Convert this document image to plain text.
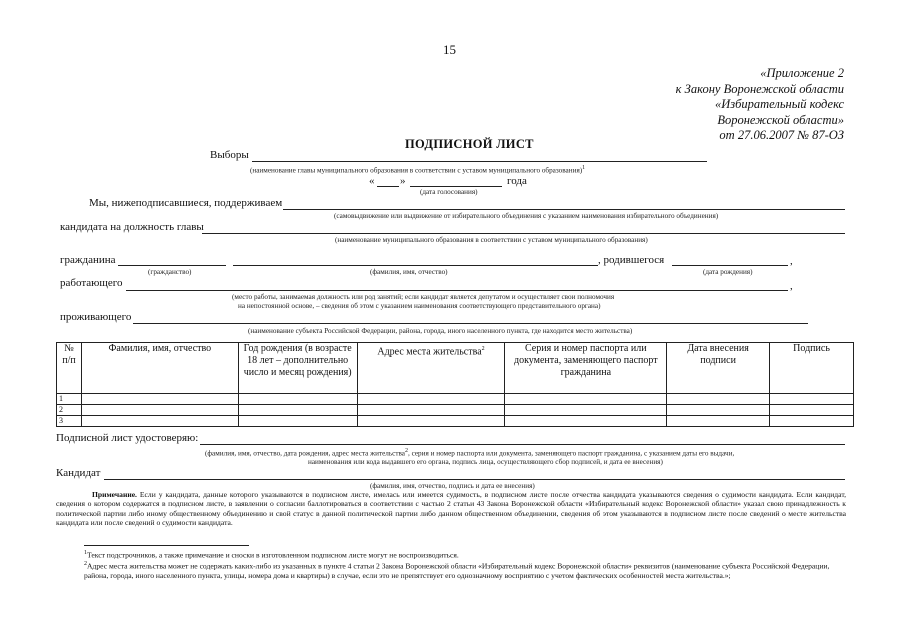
15
«Приложение 2
к Закону Воронежской области
«Избирательный кодекс
Воронежской области»
от 27.06.2007 № 87-ОЗ
ПОДПИСНОЙ ЛИСТ
Выборы
(наименование главы муниципального образования в соответствии с уставом муниципального образования)$^1$
« »	года
(дата голосования)
Мы, нижеподписавшиеся, поддерживаем
(самовыдвижение или выдвижение от избирательного объединения с указанием наименования избирательного объединения)
кандидата на должность главы
(наименование муниципального образования в соответствии с уставом муниципального образования)
гражданина
(гражданство)	(фамилия, имя, отчество)
, родившегося	,
(дата рождения)
работающего	,
(место работы, занимаемая должность или род занятий; если кандидат является депутатом и осуществляет свои полномочия
на непостоянной основе, – сведения об этом с указанием наименования соответствующего представительного органа)
проживающего
(наименование субъекта Российской Федерации, района, города, иного населенного пункта, где находится место жительства)
№ п/п	Фамилия, имя, отчество	Год рождения (в возрасте 18 лет – дополнительно число и месяц рождения)	Адрес места жительства$^2$	Серия и номер паспорта или документа, заменяющего паспорт гражданина	Дата внесения подписи	Подпись
1						
2						
3						
Подписной лист удостоверяю:
(фамилия, имя, отчество, дата рождения, адрес места жительства$^2$, серия и номер паспорта или документа, заменяющего паспорт гражданина, с указанием даты его выдачи,
наименования или кода выдавшего его органа, подпись лица, осуществляющего сбор подписей, и дата ее внесения)
Кандидат
(фамилия, имя, отчество, подпись и дата ее внесения)
Примечание. Если у кандидата, данные которого указываются в подписном листе, имелась или имеется судимость, в подписном листе после отчества кандидата указываются сведения о судимости кандидата. Если кандидат, сведения о котором содержатся в подписном листе, в заявлении о согласии баллотироваться в соответствии с частью 2 статьи 43 Закона Воронежской области «Избирательный кодекс Воронежской области» указал свою принадлежность к политической партии либо иному общественному объединению и свой статус в данной политической партии либо данном общественном объединении, сведения об этом указываются в подписном листе после сведений о месте жительства кандидата или после сведений о судимости кандидата.
$^1$Текст подстрочников, а также примечание и сноски в изготовленном подписном листе могут не воспроизводиться.
$^2$Адрес места жительства может не содержать каких-либо из указанных в пункте 4 статьи 2 Закона Воронежской области «Избирательный кодекс Воронежской области» реквизитов (наименование субъекта Российской Федерации, района, города, иного населенного пункта, улицы, номера дома и квартиры) в случае, если это не препятствует его однозначному восприятию с учетом фактических особенностей места жительства.»;
